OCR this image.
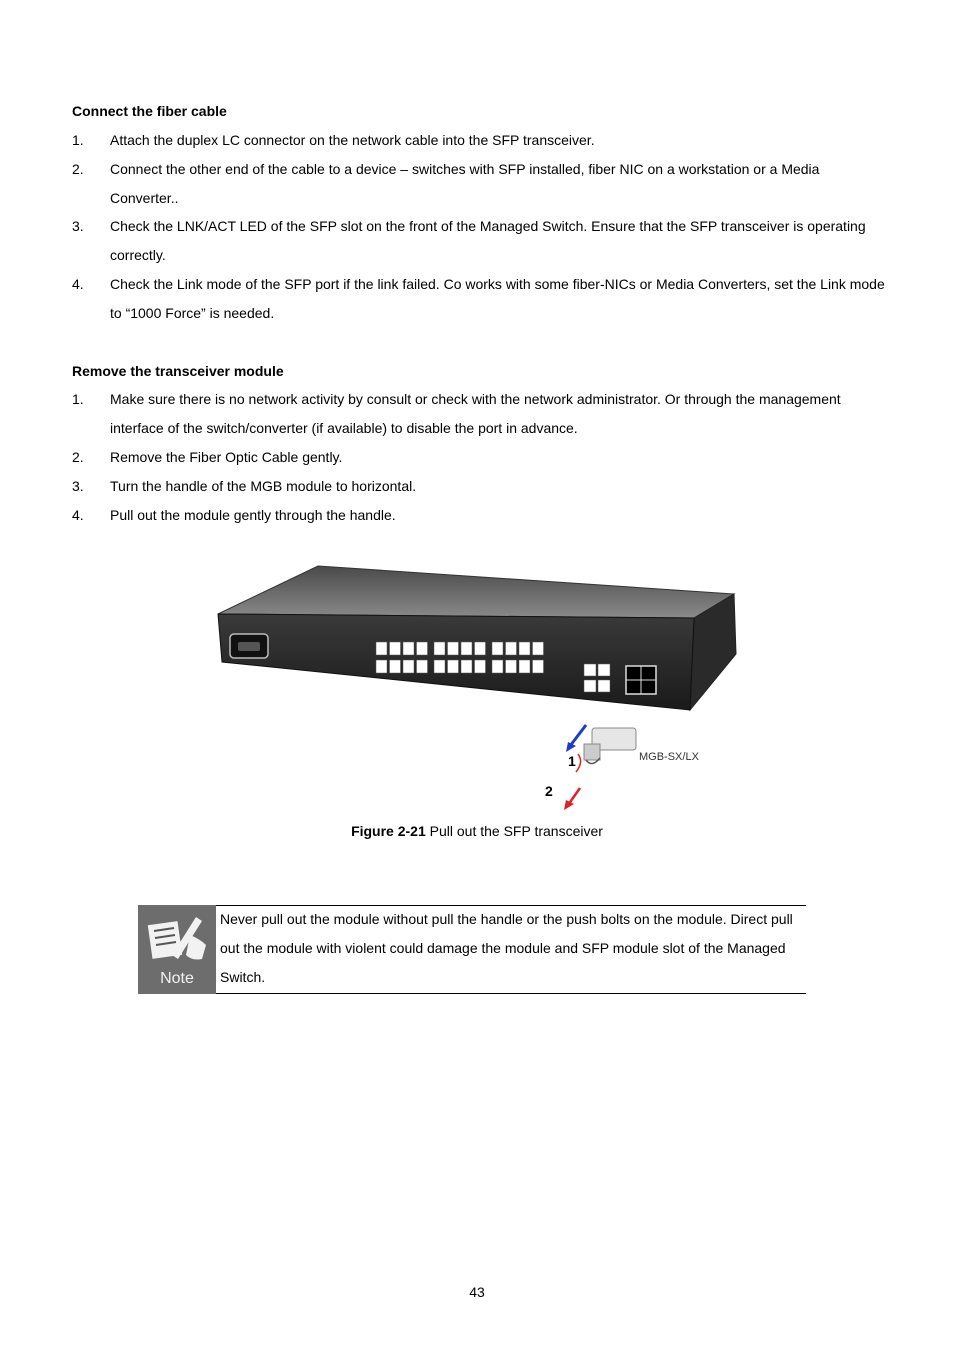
Connect the fiber cable
1. Attach the duplex LC connector on the network cable into the SFP transceiver.
2. Connect the other end of the cable to a device – switches with SFP installed, fiber NIC on a workstation or a Media Converter..
3. Check the LNK/ACT LED of the SFP slot on the front of the Managed Switch. Ensure that the SFP transceiver is operating correctly.
4. Check the Link mode of the SFP port if the link failed. Co works with some fiber-NICs or Media Converters, set the Link mode to “1000 Force” is needed.
Remove the transceiver module
1. Make sure there is no network activity by consult or check with the network administrator. Or through the management interface of the switch/converter (if available) to disable the port in advance.
2. Remove the Fiber Optic Cable gently.
3. Turn the handle of the MGB module to horizontal.
4. Pull out the module gently through the handle.
1
2
MGB-SX/LX
Figure 2-21 Pull out the SFP transceiver
Note
Never pull out the module without pull the handle or the push bolts on the module. Direct pull out the module with violent could damage the module and SFP module slot of the Managed Switch.
43
